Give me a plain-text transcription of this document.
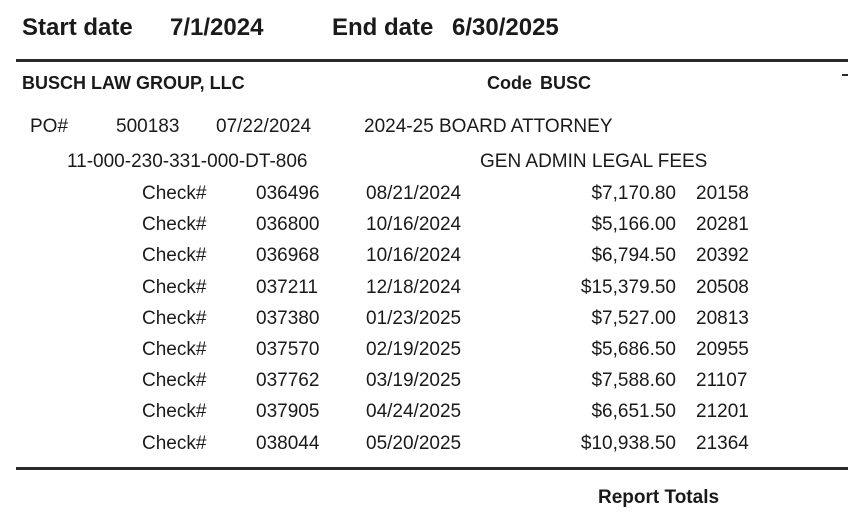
Start date 7/1/2024	End date 6/30/2025
BUSCH LAW GROUP, LLC	Code BUSC
PO#	500183 07/22/2024	2024-25 BOARD ATTORNEY
11-000-230-331-000-DT-806	GEN ADMIN LEGAL FEES
Check#	036496 08/21/2024	$7,170.80 20158
Check#	036800 10/16/2024	$5,166.00 20281
Check#	036968 10/16/2024	$6,794.50 20392
Check#	037211	12/18/2024	$15,379.50 20508
Check#	037380 01/23/2025	$7,527.00 20813
Check#	037570 02/19/2025	$5,686.50 20955
Check#	037762 03/19/2025	$7,588.60 21107
Check#	037905 04/24/2025	$6,651.50 21201
Check#	038044 05/20/2025	$10,938.50 21364
Report Totals
